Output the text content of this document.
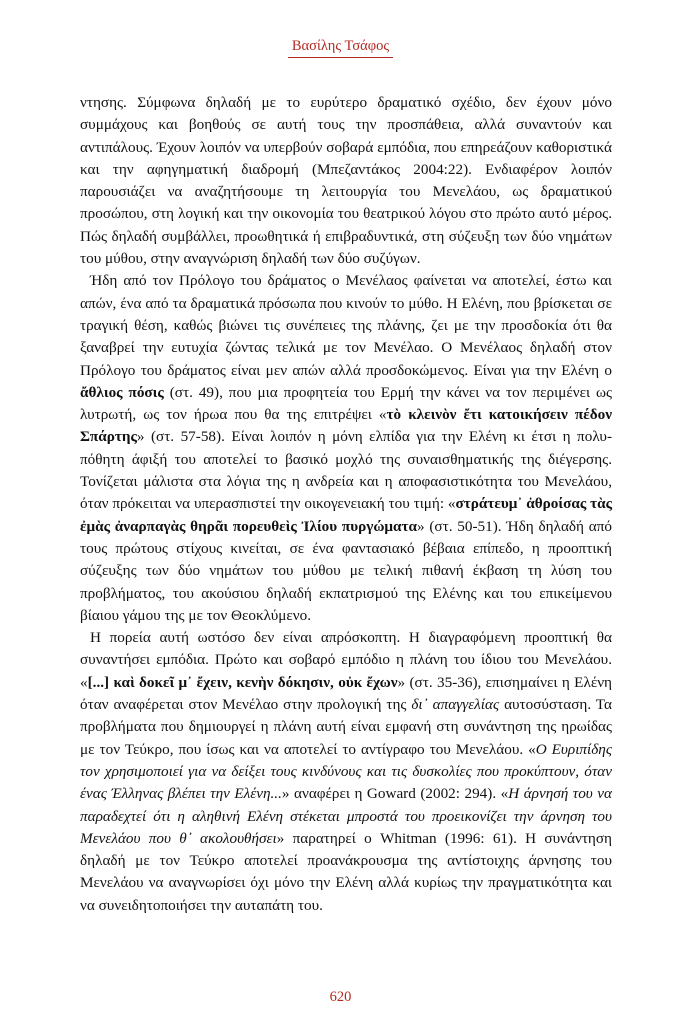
Βασίλης Τσάφος

ντησης. Σύμφωνα δηλαδή με το ευρύτερο δραματικό σχέδιο, δεν έχουν μόνο συμμάχους και βοηθούς σε αυτή τους την προσπάθεια, αλλά συναντούν και αντιπάλους. Έχουν λοιπόν να υπερβούν σοβαρά εμπόδια, που επηρεάζουν καθοριστικά και την αφηγηματική διαδρομή (Μπεζαντάκος 2004:22). Ενδιαφέρον λοιπόν παρουσιάζει να αναζητήσουμε τη λειτουργία του Μενελάου, ως δραματικού προσώπου, στη λογική και την οικονομία του θεατρικού λόγου στο πρώτο αυτό μέρος. Πώς δηλαδή συμβάλλει, προωθητικά ή επιβραδυντικά, στη σύζευξη των δύο νημάτων του μύθου, στην αναγνώριση δηλαδή των δύο συζύγων.

Ήδη από τον Πρόλογο του δράματος ο Μενέλαος φαίνεται να αποτελεί, έστω και απών, ένα από τα δραματικά πρόσωπα που κινούν το μύθο. Η Ελένη, που βρίσκεται σε τραγική θέση, καθώς βιώνει τις συνέπειες της πλάνης, ζει με την προσδοκία ότι θα ξαναβρεί την ευτυχία ζώντας τελικά με τον Μενέλαο. Ο Μενέλαος δηλαδή στον Πρόλογο του δράματος είναι μεν απών αλλά προσδοκώμενος. Είναι για την Ελένη ο ἄθλιος πόσις (στ. 49), που μια προφητεία του Ερμή την κάνει να τον περιμένει ως λυτρωτή, ως τον ήρωα που θα της επιτρέψει «τὸ κλεινὸν ἔτι κατοικήσειν πέδον Σπάρτης» (στ. 57-58). Είναι λοιπόν η μόνη ελπίδα για την Ελένη κι έτσι η πολυπόθητη άφιξή του αποτελεί το βασικό μοχλό της συναισθηματικής της διέγερσης. Τονίζεται μάλιστα στα λόγια της η ανδρεία και η αποφασιστικότητα του Μενελάου, όταν πρόκειται να υπερασπιστεί την οικογενειακή του τιμή: «στράτευμ᾽ ἀθροίσας τὰς ἐμὰς ἀναρπαγὰς θηρᾶι πορευθεὶς Ἰλίου πυργώματα» (στ. 50-51). Ήδη δηλαδή από τους πρώτους στίχους κινείται, σε ένα φαντασιακό βέβαια επίπεδο, η προοπτική σύζευξης των δύο νημάτων του μύθου με τελική πιθανή έκβαση τη λύση του προβλήματος, του ακούσιου δηλαδή εκπατρισμού της Ελένης και του επικείμενου βίαιου γάμου της με τον Θεοκλύμενο.

Η πορεία αυτή ωστόσο δεν είναι απρόσκοπτη. Η διαγραφόμενη προοπτική θα συναντήσει εμπόδια. Πρώτο και σοβαρό εμπόδιο η πλάνη του ίδιου του Μενελάου. «[...] καὶ δοκεῖ μ᾽ ἔχειν, κενὴν δόκησιν, οὐκ ἔχων» (στ. 35-36), επισημαίνει η Ελένη όταν αναφέρεται στον Μενέλαο στην προλογική της δι᾽ απαγγελίας αυτοσύσταση. Τα προβλήματα που δημιουργεί η πλάνη αυτή είναι εμφανή στη συνάντηση της ηρωίδας με τον Τεύκρο, που ίσως και να αποτελεί το αντίγραφο του Μενελάου. «Ο Ευριπίδης τον χρησιμοποιεί για να δείξει τους κινδύνους και τις δυσκολίες που προκύπτουν, όταν ένας Έλληνας βλέπει την Ελένη...» αναφέρει η Goward (2002: 294). «Η άρνησή του να παραδεχτεί ότι η αληθινή Ελένη στέκεται μπροστά του προεικονίζει την άρνηση του Μενελάου που θ᾽ ακολουθήσει» παρατηρεί ο Whitman (1996: 61). Η συνάντηση δηλαδή με τον Τεύκρο αποτελεί προανάκρουσμα της αντίστοιχης άρνησης του Μενελάου να αναγνωρίσει όχι μόνο την Ελένη αλλά κυρίως την πραγματικότητα και να συνειδητοποιήσει την αυταπάτη του.

620
